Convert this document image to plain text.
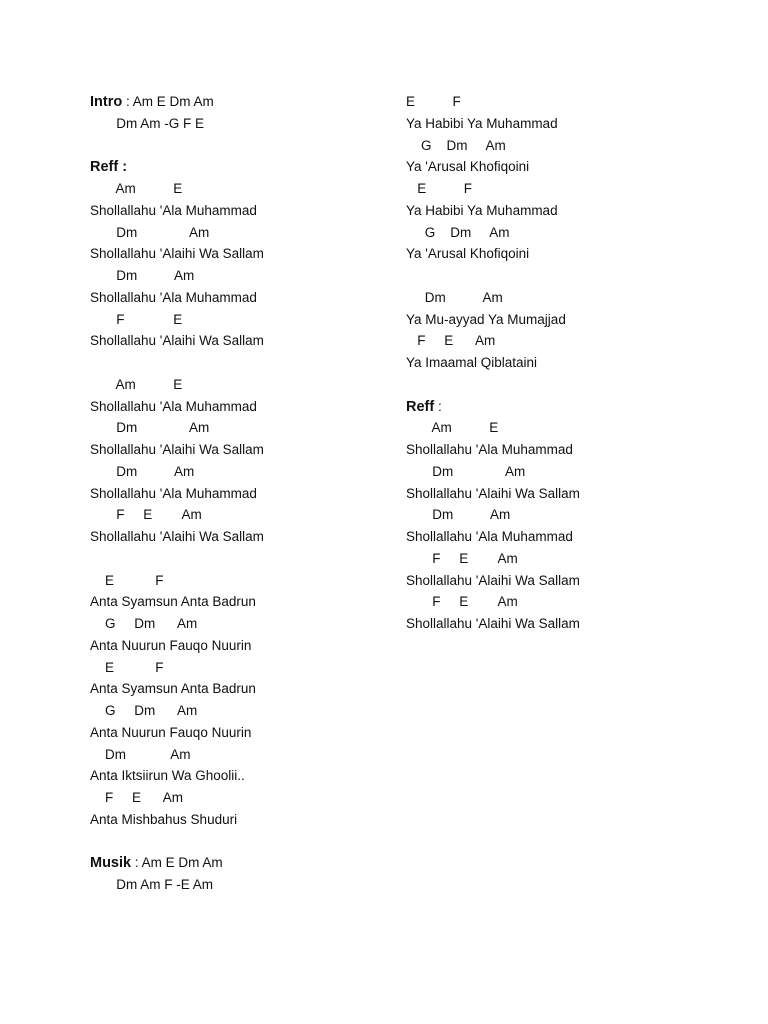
Intro : Am E Dm Am
Dm Am -G F E
Reff :
Am          E
Shollallahu 'Ala Muhammad
Dm              Am
Shollallahu 'Alaihi Wa Sallam
Dm          Am
Shollallahu 'Ala Muhammad
F             E
Shollallahu 'Alaihi Wa Sallam
Am          E
Shollallahu 'Ala Muhammad
Dm              Am
Shollallahu 'Alaihi Wa Sallam
Dm          Am
Shollallahu 'Ala Muhammad
F     E        Am
Shollallahu 'Alaihi Wa Sallam
E           F
Anta Syamsun Anta Badrun
G     Dm      Am
Anta Nuurun Fauqo Nuurin
E           F
Anta Syamsun Anta Badrun
G     Dm      Am
Anta Nuurun Fauqo Nuurin
Dm            Am
Anta Iktsiirun Wa Ghoolii..
F     E      Am
Anta Mishbahus Shuduri
Musik : Am E Dm Am
Dm Am F -E Am
E          F
Ya Habibi Ya Muhammad
G    Dm     Am
Ya 'Arusal Khofiqoini
E          F
Ya Habibi Ya Muhammad
G    Dm     Am
Ya 'Arusal Khofiqoini
Dm          Am
Ya Mu-ayyad Ya Mumajjad
F     E      Am
Ya Imaamal Qiblataini
Reff :
Am          E
Shollallahu 'Ala Muhammad
Dm              Am
Shollallahu 'Alaihi Wa Sallam
Dm          Am
Shollallahu 'Ala Muhammad
F     E        Am
Shollallahu 'Alaihi Wa Sallam
F     E        Am
Shollallahu 'Alaihi Wa Sallam
